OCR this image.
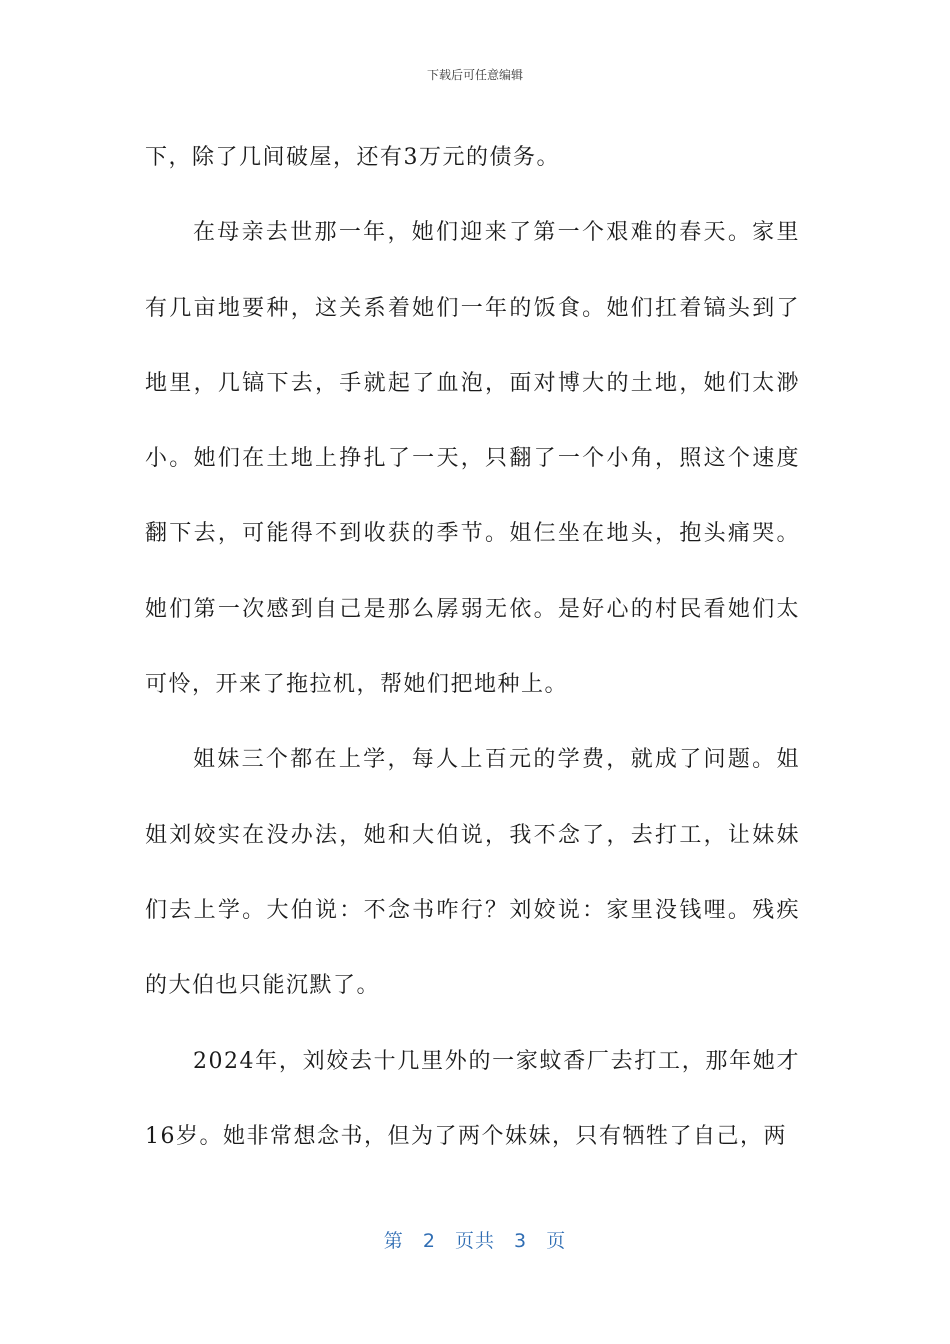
下载后可任意编辑

下，除了几间破屋，还有3万元的债务。

在母亲去世那一年，她们迎来了第一个艰难的春天。家里有几亩地要种，这关系着她们一年的饭食。她们扛着镐头到了地里，几镐下去，手就起了血泡，面对博大的土地，她们太渺小。她们在土地上挣扎了一天，只翻了一个小角，照这个速度翻下去，可能得不到收获的季节。姐仨坐在地头，抱头痛哭。她们第一次感到自己是那么孱弱无依。是好心的村民看她们太可怜，开来了拖拉机，帮她们把地种上。

姐妹三个都在上学，每人上百元的学费，就成了问题。姐姐刘姣实在没办法，她和大伯说，我不念了，去打工，让妹妹们去上学。大伯说：不念书咋行？刘姣说：家里没钱哩。残疾的大伯也只能沉默了。

2024年，刘姣去十几里外的一家蚊香厂去打工，那年她才16岁。她非常想念书，但为了两个妹妹，只有牺牲了自己，两

第 2 页共 3 页
